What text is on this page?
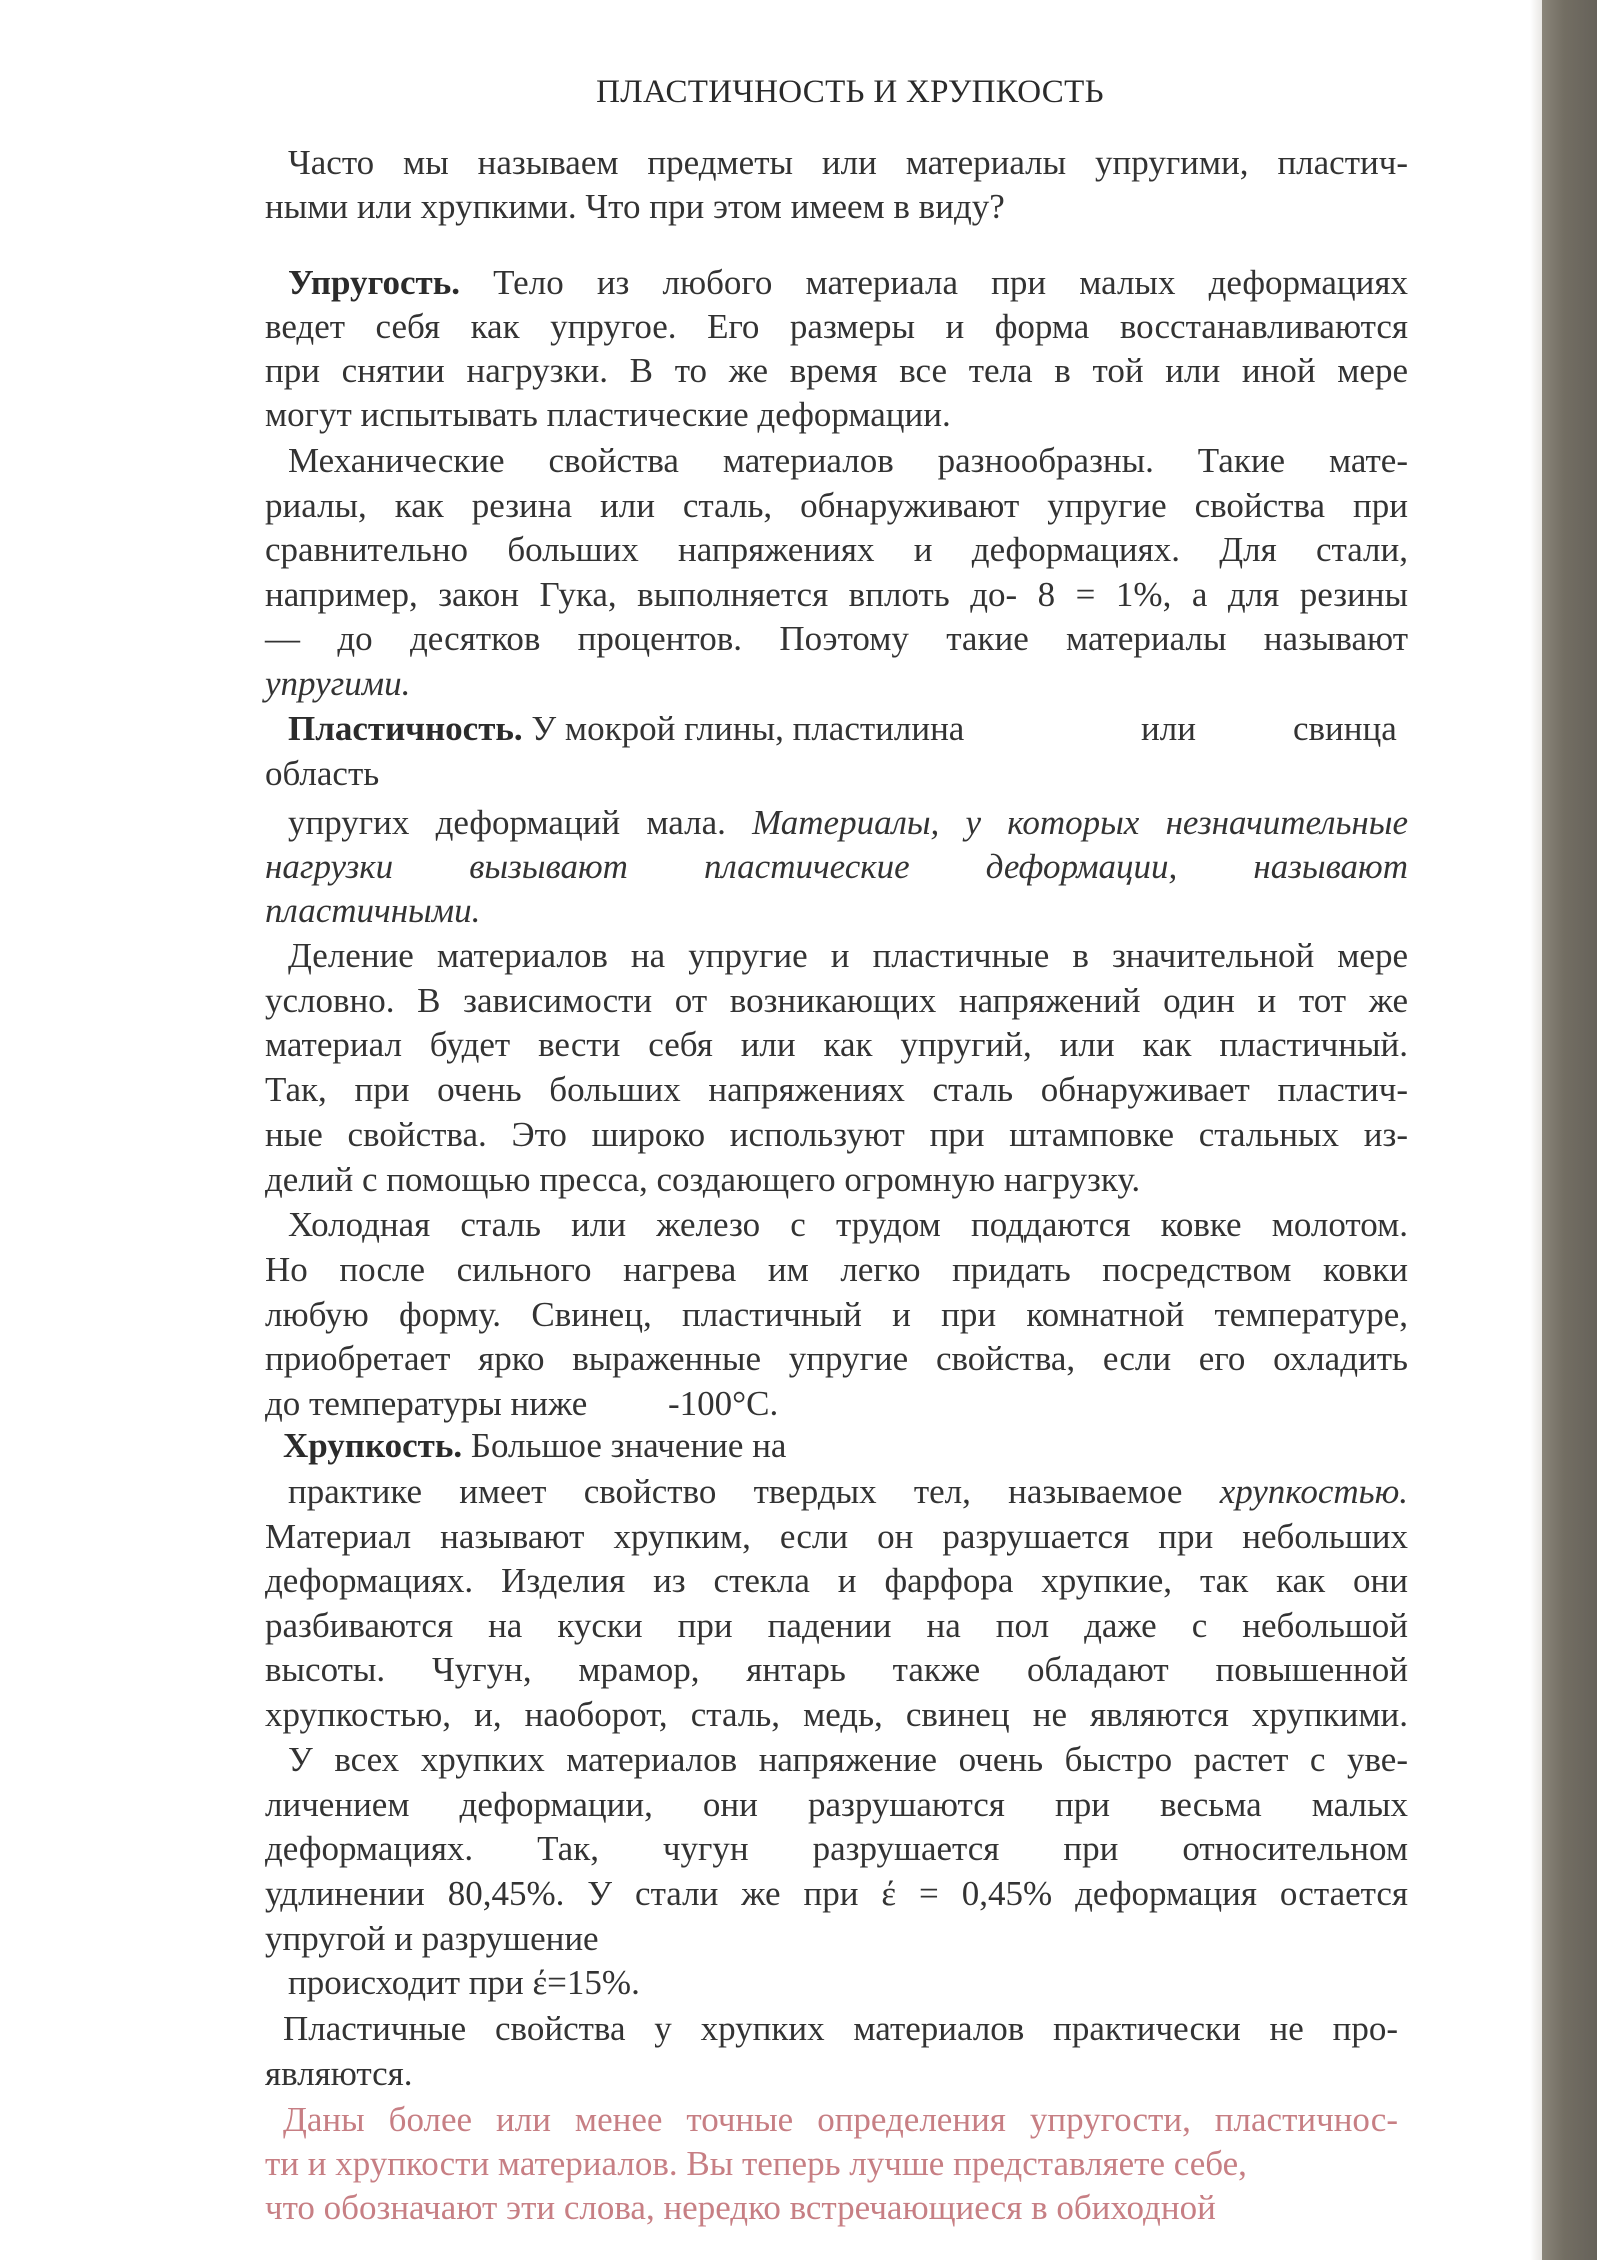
ПЛАСТИЧНОСТЬ И ХРУПКОСТЬ
Часто мы называем предметы или материалы упругими, пластич-
ными или хрупкими. Что при этом имеем в виду?
Упругость. Тело из любого материала при малых деформациях
ведет себя как упругое. Его размеры и форма восстанавливаются
при снятии нагрузки. В то же время все тела в той или иной мере
могут испытывать пластические деформации.
Механические свойства материалов разнообразны. Такие мате-
риалы, как резина или сталь, обнаруживают упругие свойства при
сравнительно больших напряжениях и деформациях. Для стали,
например, закон Гука, выполняется вплоть до- 8 = 1%, а для резины
— до десятков процентов. Поэтому такие материалы называют
упругими.
Пластичность. У мокрой глины, пластилина	или	свинца
область
упругих деформаций мала. Материалы, у которых незначительные
нагрузки вызывают пластические деформации, называют
пластичными.
Деление материалов на упругие и пластичные в значительной мере
условно. В зависимости от возникающих напряжений один и тот же
материал будет вести себя или как упругий, или как пластичный.
Так, при очень больших напряжениях сталь обнаруживает пластич-
ные свойства. Это широко используют при штамповке стальных из-
делий с помощью пресса, создающего огромную нагрузку.
Холодная сталь или железо с трудом поддаются ковке молотом.
Но после сильного нагрева им легко придать посредством ковки
любую форму. Свинец, пластичный и при комнатной температуре,
приобретает ярко выраженные упругие свойства, если его охладить
до температуры ниже -100°C.
Хрупкость. Большое значение на
практике имеет свойство твердых тел, называемое хрупкостью.
Материал называют хрупким, если он разрушается при небольших
деформациях. Изделия из стекла и фарфора хрупкие, так как они
разбиваются на куски при падении на пол даже с небольшой
высоты. Чугун, мрамор, янтарь также обладают повышенной
хрупкостью, и, наоборот, сталь, медь, свинец не являются хрупкими.
У всех хрупких материалов напряжение очень быстро растет с уве-
личением деформации, они разрушаются при весьма малых
деформациях. Так, чугун разрушается при относительном
удлинении 80,45%. У стали же при έ = 0,45% деформация остается
упругой и разрушение
происходит при έ=15%.
Пластичные свойства у хрупких материалов практически не про-
являются.
Даны более или менее точные определения упругости, пластичнос-
ти и хрупкости материалов. Вы теперь лучше представляете себе,
что обозначают эти слова, нередко встречающиеся в обиходной
